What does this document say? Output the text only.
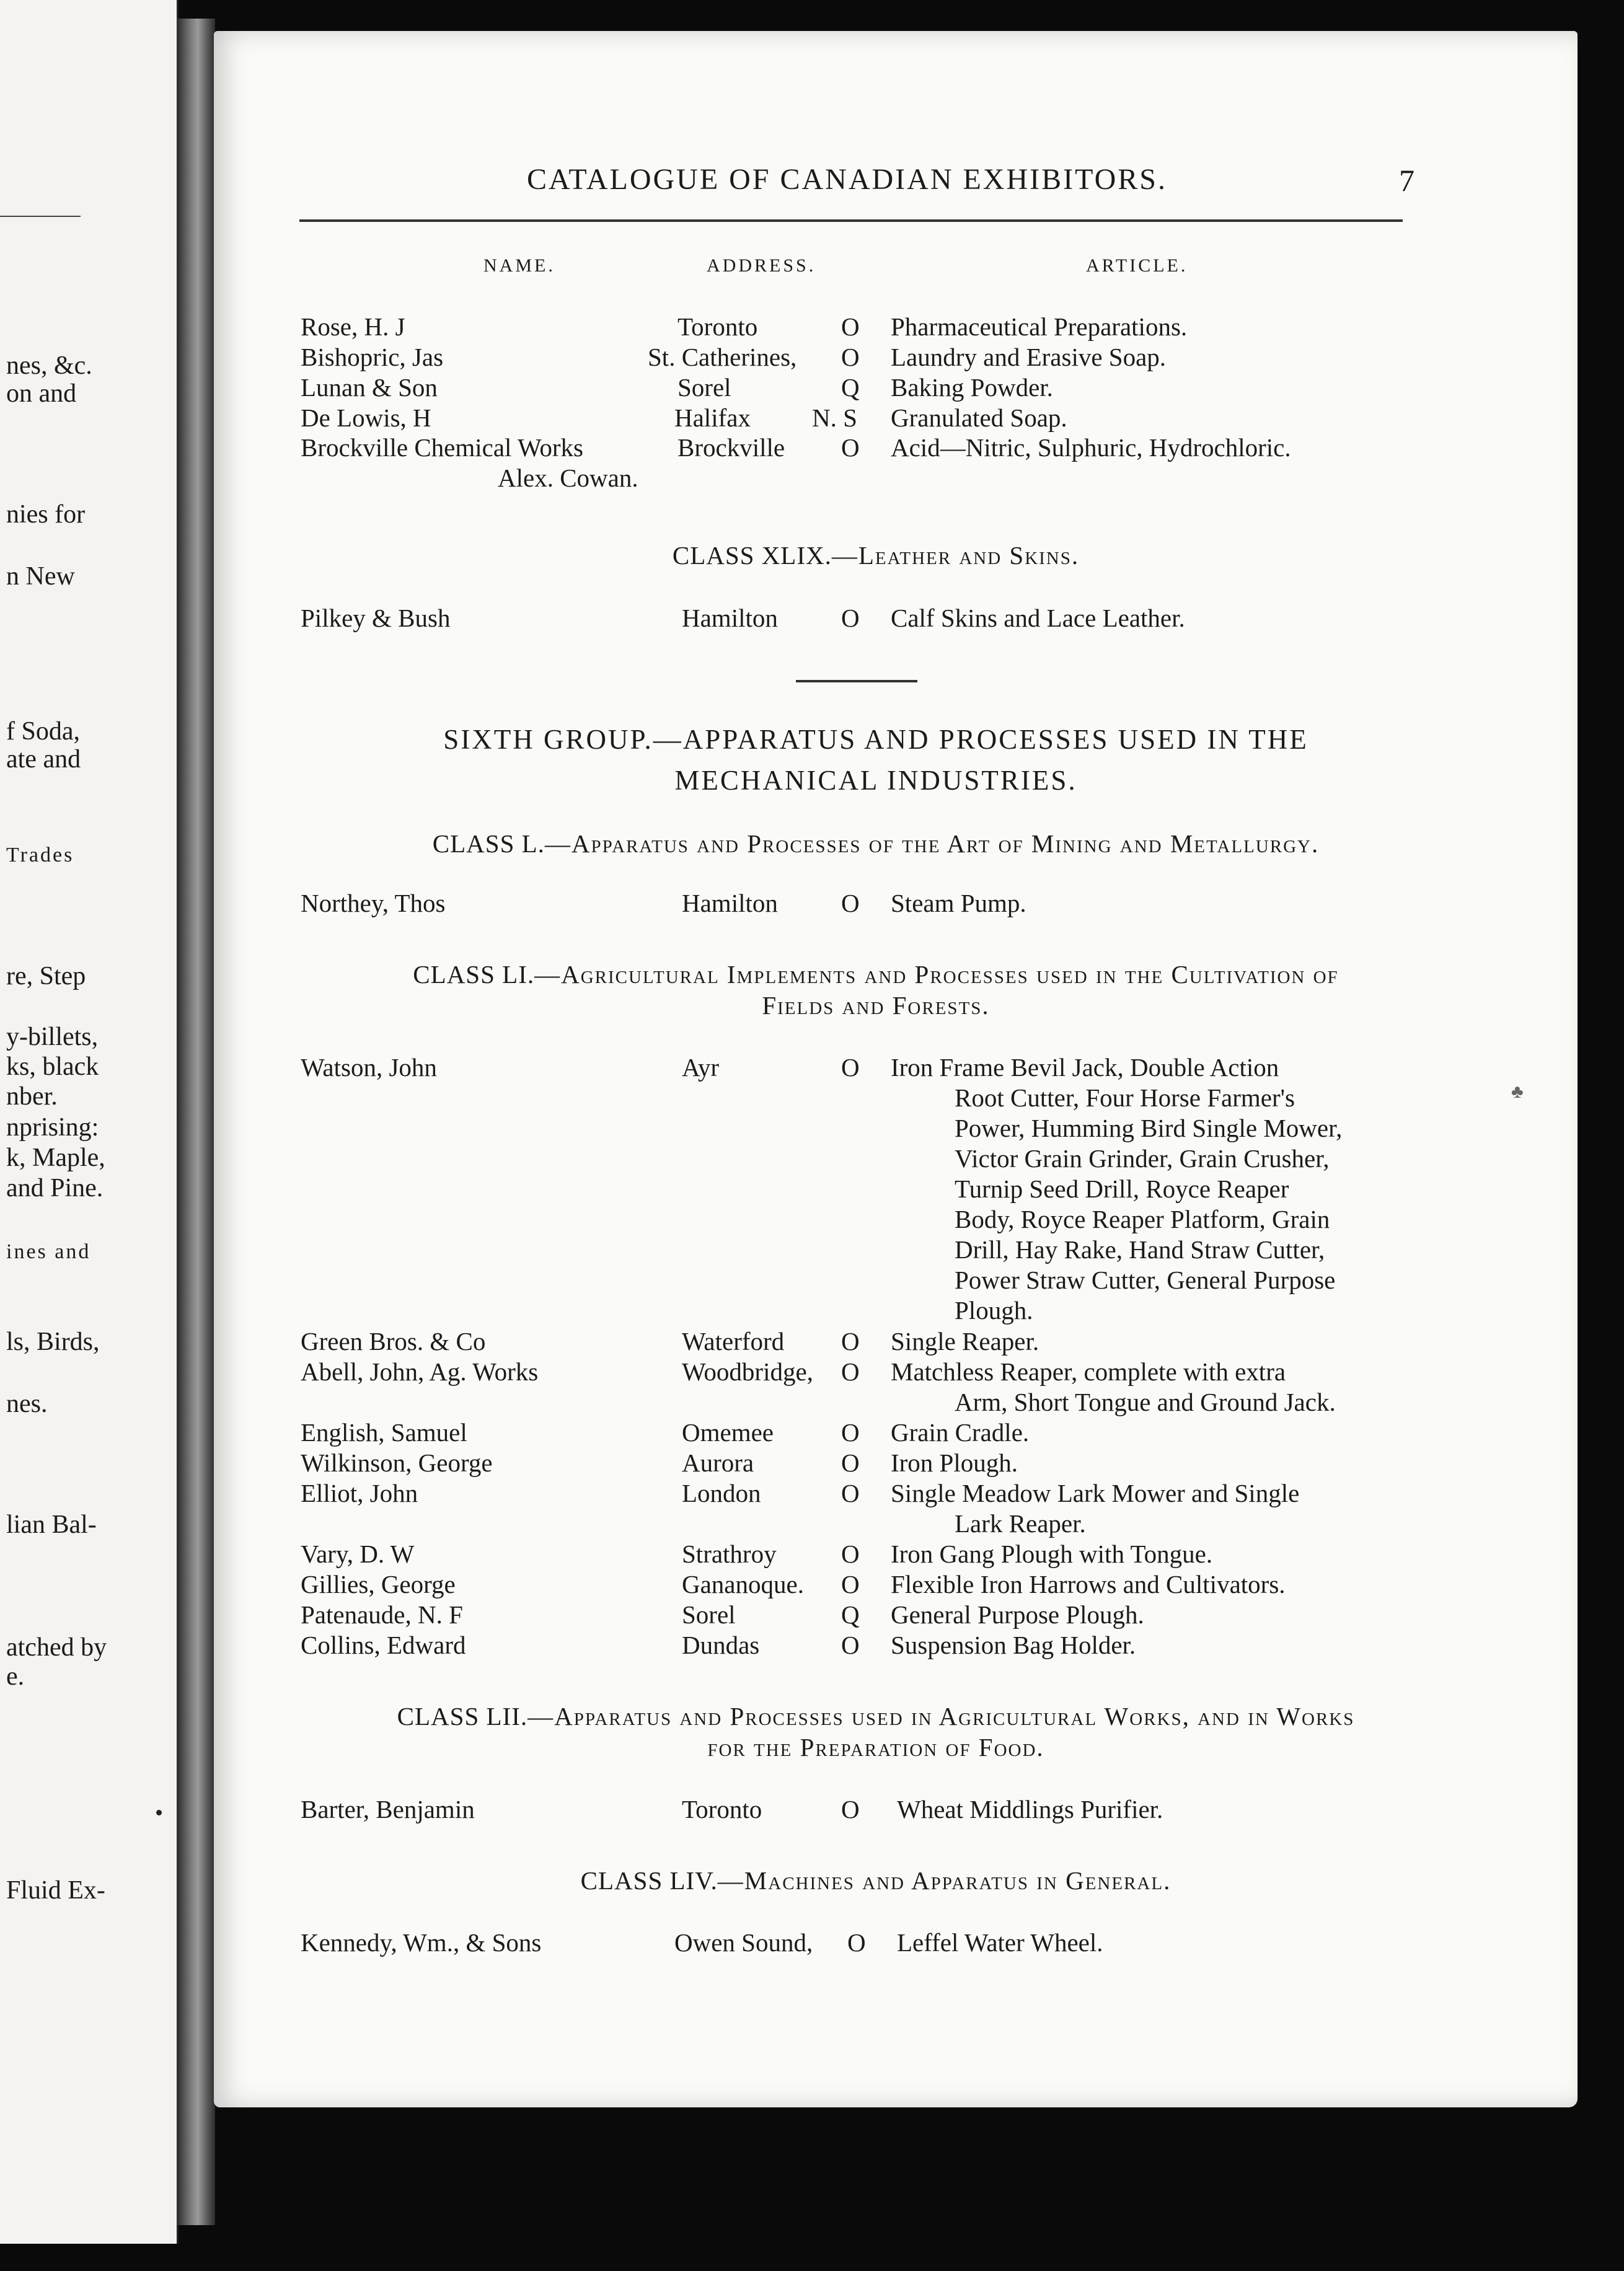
nes, &c.
on and
nies for
n New
f Soda,
ate and
Trades
re, Step
y-billets,
ks, black
nber.
nprising:
k, Maple,
and Pine.
ines and
ls, Birds,
nes.
lian Bal-
atched by
e.
Fluid Ex-
CATALOGUE OF CANADIAN EXHIBITORS.	7
NAME.	ADDRESS.	ARTICLE.
Rose, H. J	Toronto	O Pharmaceutical Preparations.
Bishopric, Jas	St. Catherines, O Laundry and Erasive Soap.
Lunan & Son	Sorel	Q Baking Powder.
De Lowis, H	Halifax N. S Granulated Soap.
Brockville Chemical Works	Brockville O Acid—Nitric, Sulphuric, Hydrochloric.
Alex. Cowan.
CLASS XLIX.—Leather and Skins.
Pilkey & Bush	Hamilton O Calf Skins and Lace Leather.
SIXTH GROUP.—APPARATUS AND PROCESSES USED IN THE
MECHANICAL INDUSTRIES.
CLASS L.—Apparatus and Processes of the Art of Mining and Metallurgy.
Northey, Thos	Hamilton O Steam Pump.
CLASS LI.—Agricultural Implements and Processes used in the Cultivation of
Fields and Forests.
Watson, John	Ayr	O Iron Frame Bevil Jack, Double Action
Root Cutter, Four Horse Farmer's
Power, Humming Bird Single Mower,
Victor Grain Grinder, Grain Crusher,
Turnip Seed Drill, Royce Reaper
Body, Royce Reaper Platform, Grain
Drill, Hay Rake, Hand Straw Cutter,
Power Straw Cutter, General Purpose
Plough.
♣
Green Bros. & Co	Waterford O Single Reaper.
Abell, John, Ag. Works	Woodbridge, O Matchless Reaper, complete with extra
Arm, Short Tongue and Ground Jack.
English, Samuel	Omemee	O Grain Cradle.
Wilkinson, George	Aurora	O Iron Plough.
Elliot, John	London	O Single Meadow Lark Mower and Single
Lark Reaper.
Vary, D. W	Strathroy	O Iron Gang Plough with Tongue.
Gillies, George	Gananoque. O Flexible Iron Harrows and Cultivators.
Patenaude, N. F	Sorel	Q General Purpose Plough.
Collins, Edward	Dundas	O Suspension Bag Holder.
CLASS LII.—Apparatus and Processes used in Agricultural Works, and in Works
for the Preparation of Food.
Barter, Benjamin	Toronto	O Wheat Middlings Purifier.
CLASS LIV.—Machines and Apparatus in General.
Kennedy, Wm., & Sons	Owen Sound, O Leffel Water Wheel.
